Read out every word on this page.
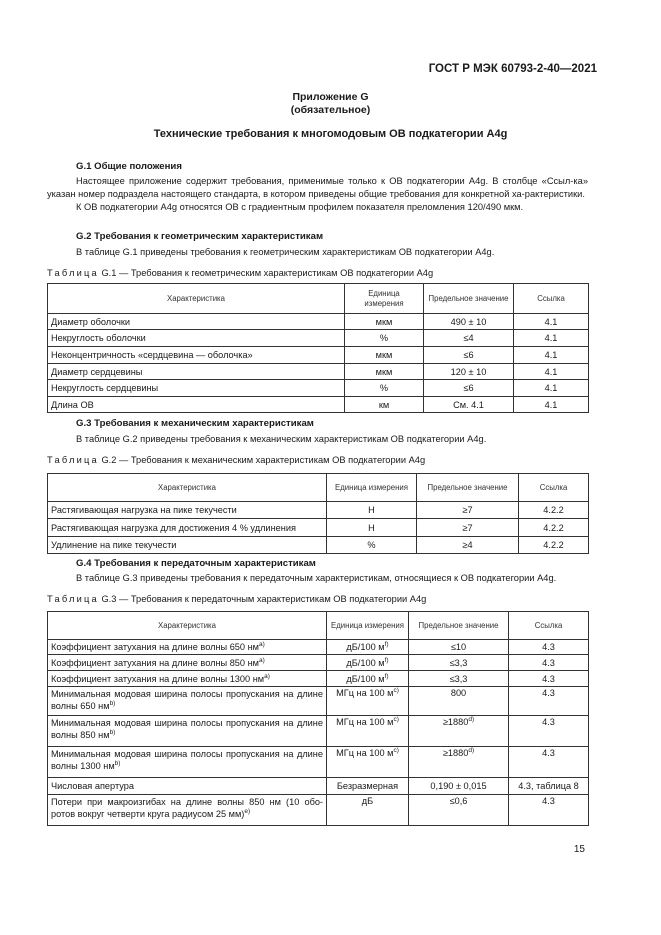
ГОСТ Р МЭК 60793-2-40—2021
Приложение G
(обязательное)
Технические требования к многомодовым ОВ подкатегории A4g
G.1 Общие положения
Настоящее приложение содержит требования, применимые только к ОВ подкатегории A4g. В столбце «Ссыл-ка» указан номер подраздела настоящего стандарта, в котором приведены общие требования для конкретной ха-рактеристики.
К ОВ подкатегории A4g относятся ОВ с градиентным профилем показателя преломления 120/490 мкм.
G.2 Требования к геометрическим характеристикам
В таблице G.1 приведены требования к геометрическим характеристикам ОВ подкатегории A4g.
Таблица G.1 — Требования к геометрическим характеристикам ОВ подкатегории A4g
Характеристика	Единица измерения	Предельное значение	Ссылка
Диаметр оболочки	мкм	490 ± 10	4.1
Некруглость оболочки	%	≤4	4.1
Неконцентричность «сердцевина — оболочка»	мкм	≤6	4.1
Диаметр сердцевины	мкм	120 ± 10	4.1
Некруглость сердцевины	%	≤6	4.1
Длина ОВ	км	См. 4.1	4.1
G.3 Требования к механическим характеристикам
В таблице G.2 приведены требования к механическим характеристикам ОВ подкатегории A4g.
Таблица G.2 — Требования к механическим характеристикам ОВ подкатегории A4g
Характеристика	Единица измерения	Предельное значение	Ссылка
Растягивающая нагрузка на пике текучести	Н	≥7	4.2.2
Растягивающая нагрузка для достижения 4 % удлинения	Н	≥7	4.2.2
Удлинение на пике текучести	%	≥4	4.2.2
G.4 Требования к передаточным характеристикам
В таблице G.3 приведены требования к передаточным характеристикам, относящиеся к ОВ подкатегории A4g.
Таблица G.3 — Требования к передаточным характеристикам ОВ подкатегории A4g
Характеристика	Единица измерения	Предельное значение	Ссылка
Коэффициент затухания на длине волны 650 $нм^{a)}$	дБ/100 $м^{f)}$	≤10	4.3
Коэффициент затухания на длине волны 850 $нм^{a)}$	дБ/100 $м^{f)}$	≤3,3	4.3
Коэффициент затухания на длине волны 1300 $нм^{a)}$	дБ/100 $м^{f)}$	≤3,3	4.3
Минимальная модовая ширина полосы пропускания на длине волны 650 $нм^{b)}$	МГц на 100 $м^{c)}$	800	4.3
Минимальная модовая ширина полосы пропускания на длине волны 850 $нм^{b)}$	МГц на 100 $м^{c)}$	$\ge 1880^{d)}$	4.3
Минимальная модовая ширина полосы пропускания на длине волны 1300 $нм^{b)}$	МГц на 100 $м^{c)}$	$\ge 1880^{d)}$	4.3
Числовая апертура	Безразмерная	0,190 ± 0,015	4.3, таблица 8
Потери при макроизгибах на длине волны 850 нм (10 обо-ротов вокруг четверти круга радиусом 25 мм)$^{e)}$	дБ	≤0,6	4.3
15
